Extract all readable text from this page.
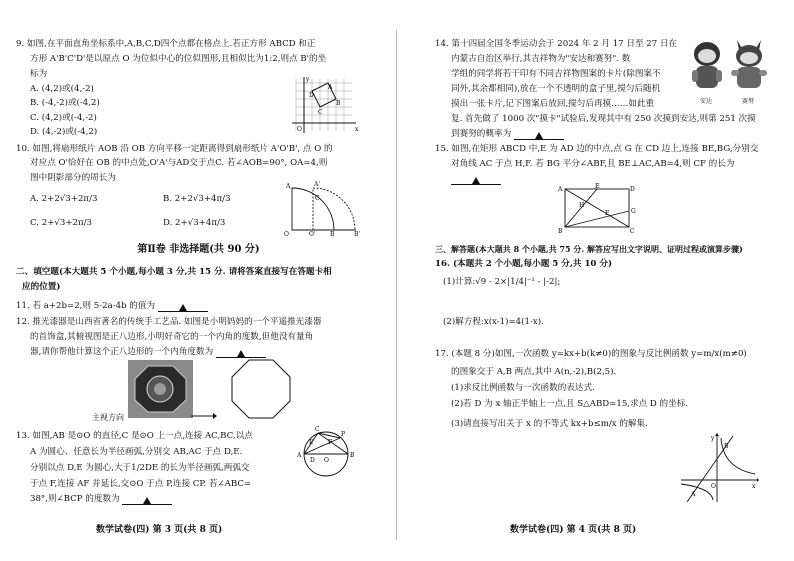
9. 如图,在平面直角坐标系中,A,B,C,D四个点都在格点上.若正方形 ABCD 和正
方形 A'B'C'D'是以原点 O 为位似中心的位似图形,且相似比为1:2,则点 B'的坐
标为
A. (4,2)或(4,-2)
B. (-4,-2)或(-4,2)
C. (4,2)或(-4,-2)
D. (4,-2)或(-4,2)
A
B
D
C
O	x
y
10. 如图,将扇形纸片 AOB 沿 OB 方向平移一定距离得到扇形纸片 A'O'B', 点 O 的
对应点 O'恰好在 OB 的中点处,O'A'与AD交于点C. 若∠AOB=90°, OA=4,则
图中阴影部分的周长为
A. 2+2√3+2π/3	B. 2+2√3+4π/3
C. 2+√3+2π/3	D. 2+√3+4π/3
O	O' B	B'
A	A'
C
第Ⅱ卷 非选择题(共 90 分)
二、填空题(本大题共 5 个小题,每小题 3 分,共 15 分. 请将答案直接写在答题卡相
应的位置)
11. 若 a+2b=2,则 5-2a-4b 的值为
12. 推光漆器是山西省著名的传统手工艺品. 如图是小明妈妈的一个平遥推光漆器
的首饰盒,其俯视图是正八边形,小明好奇它的一个内角的度数,但他没有量角
器,请你帮他计算这个正八边形的一个内角度数为
主视方向
13. 如图,AB 是⊙O 的直径,C 是⊙O 上一点,连接 AC,BC,以点
A 为圆心、任意长为半径画弧,分别交 AB,AC 于点 D,E.
分别以点 D,E 为圆心,大于1/2DE 的长为半径画弧,两弧交
于点 F,连接 AF 并延长,交⊙O 于点 P,连接 CP. 若∠ABC=
38°,则∠BCP 的度数为
A	B
C
P
O
D
E F
数学试卷(四) 第 3 页(共 8 页)
14. 第十四届全国冬季运动会于 2024 年 2 月 17 日至 27 日在
内蒙古自治区举行,其吉祥物为"安达和赛努". 数
学组的同学将若干印有不同吉祥物图案的卡片(除图案不
同外,其余都相同),放在一个不透明的盒子里,搅匀后随机
摸出一张卡片,记下图案后放回,搅匀后再摸……如此重
复. 首先做了 1000 次"摸卡"试验后,发现其中有 250 次摸到安达,则第 251 次摸
到赛努的概率为
安达	赛努
15. 如图,在矩形 ABCD 中,E 为 AD 边的中点,点 G 在 CD 边上,连接 BE,BG,分别交
对角线 AC 于点 H,F. 若 BG 平分∠ABF,且 BE⊥AC,AB=4,则 CF 的长为
A	E	D
B	C
G
H
F
三、解答题(本大题共 8 个小题,共 75 分. 解答应写出文字说明、证明过程或演算步骤)
16. (本题共 2 个小题,每小题 5 分,共 10 分)
(1)计算:√9 - 2×|1/4|⁻¹ - |-2|;
(2)解方程:x(x-1)=4(1-x).
17. (本题 8 分)如图,一次函数 y=kx+b(k≠0)的图象与反比例函数 y=m/x(m≠0)
的图象交于 A,B 两点,其中 A(n,-2),B(2,5).
(1)求反比例函数与一次函数的表达式.
(2)若 D 为 x 轴正半轴上一点,且 S△ABD=15,求点 D 的坐标.
(3)请直接写出关于 x 的不等式 kx+b≤m/x 的解集.
y
x
O
B
A
数学试卷(四) 第 4 页(共 8 页)
